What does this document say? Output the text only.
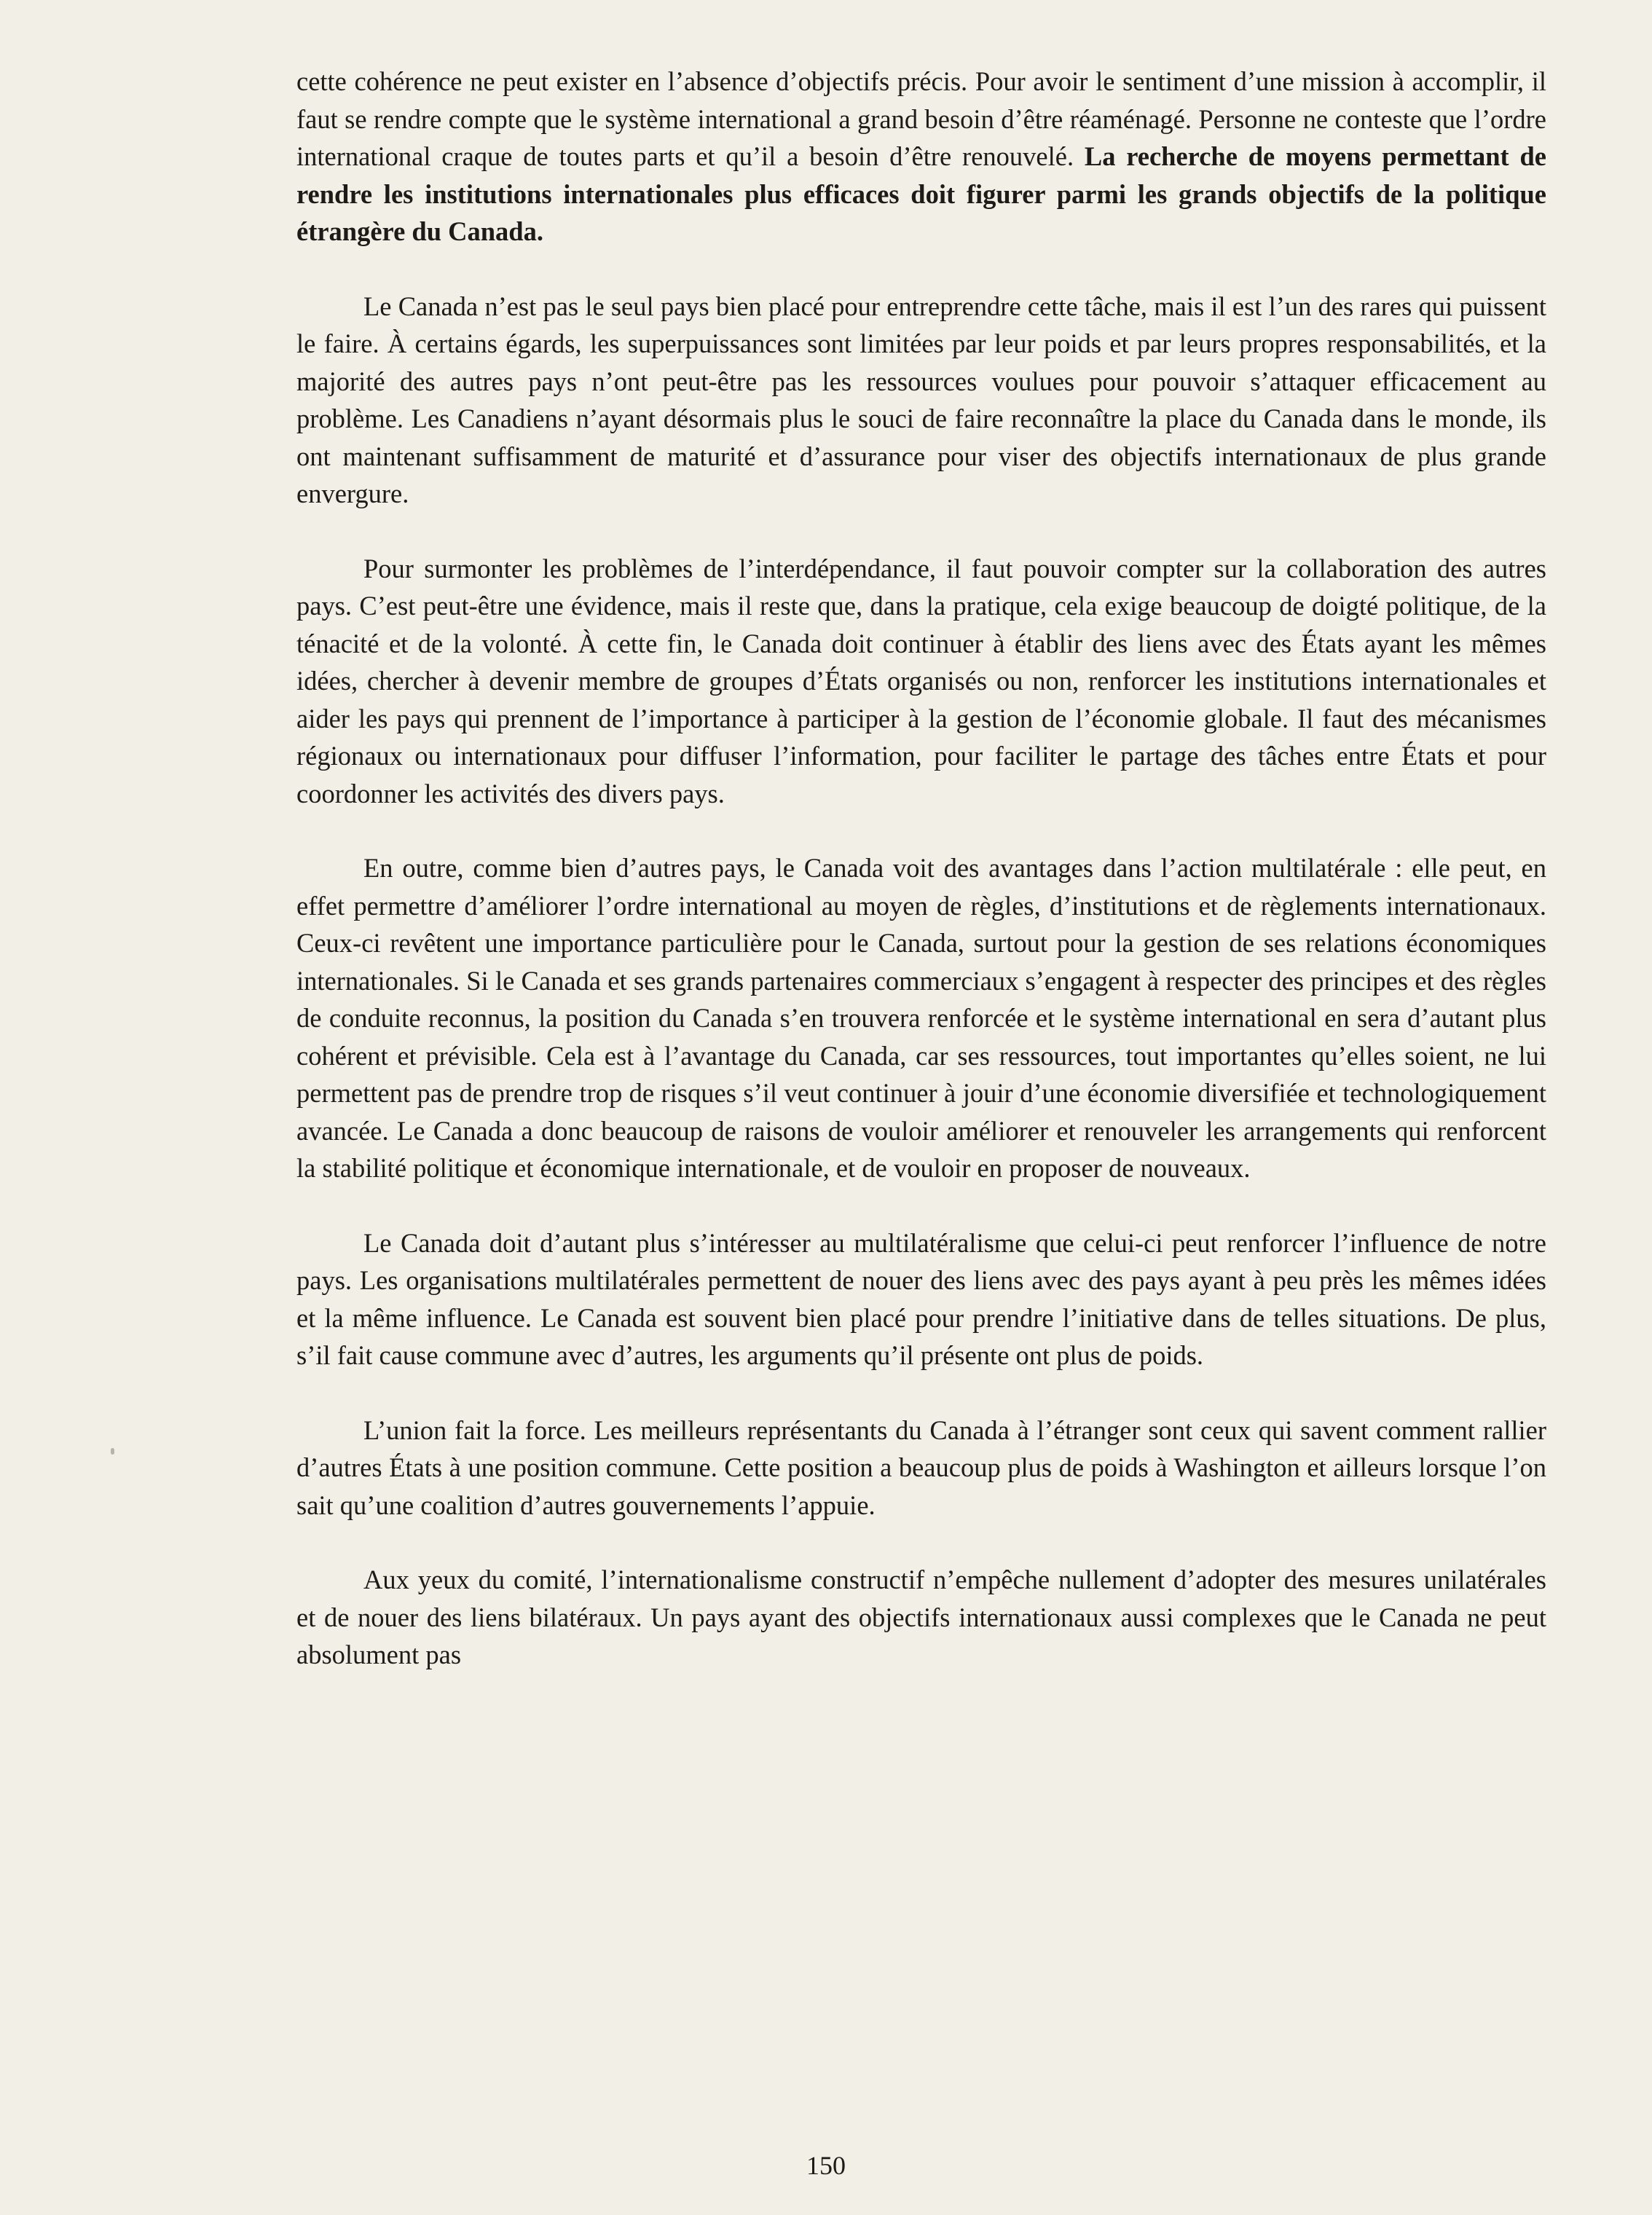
cette cohérence ne peut exister en l’absence d’objectifs précis. Pour avoir le sentiment d’une mission à accomplir, il faut se rendre compte que le système international a grand besoin d’être réaménagé. Personne ne conteste que l’ordre international craque de toutes parts et qu’il a besoin d’être renouvelé. La recherche de moyens permettant de rendre les institutions internationales plus efficaces doit figurer parmi les grands objectifs de la politique étrangère du Canada.

Le Canada n’est pas le seul pays bien placé pour entreprendre cette tâche, mais il est l’un des rares qui puissent le faire. À certains égards, les superpuissances sont limitées par leur poids et par leurs propres responsabilités, et la majorité des autres pays n’ont peut-être pas les ressources voulues pour pouvoir s’attaquer efficacement au problème. Les Canadiens n’ayant désormais plus le souci de faire reconnaître la place du Canada dans le monde, ils ont maintenant suffisamment de maturité et d’assurance pour viser des objectifs internationaux de plus grande envergure.

Pour surmonter les problèmes de l’interdépendance, il faut pouvoir compter sur la collaboration des autres pays. C’est peut-être une évidence, mais il reste que, dans la pratique, cela exige beaucoup de doigté politique, de la ténacité et de la volonté. À cette fin, le Canada doit continuer à établir des liens avec des États ayant les mêmes idées, chercher à devenir membre de groupes d’États organisés ou non, renforcer les institutions internationales et aider les pays qui prennent de l’importance à participer à la gestion de l’économie globale. Il faut des mécanismes régionaux ou internationaux pour diffuser l’information, pour faciliter le partage des tâches entre États et pour coordonner les activités des divers pays.

En outre, comme bien d’autres pays, le Canada voit des avantages dans l’action multilatérale : elle peut, en effet permettre d’améliorer l’ordre international au moyen de règles, d’institutions et de règlements internationaux. Ceux-ci revêtent une importance particulière pour le Canada, surtout pour la gestion de ses relations économiques internationales. Si le Canada et ses grands partenaires commerciaux s’engagent à respecter des principes et des règles de conduite reconnus, la position du Canada s’en trouvera renforcée et le système international en sera d’autant plus cohérent et prévisible. Cela est à l’avantage du Canada, car ses ressources, tout importantes qu’elles soient, ne lui permettent pas de prendre trop de risques s’il veut continuer à jouir d’une économie diversifiée et technologiquement avancée. Le Canada a donc beaucoup de raisons de vouloir améliorer et renouveler les arrangements qui renforcent la stabilité politique et économique internationale, et de vouloir en proposer de nouveaux.

Le Canada doit d’autant plus s’intéresser au multilatéralisme que celui-ci peut renforcer l’influence de notre pays. Les organisations multilatérales permettent de nouer des liens avec des pays ayant à peu près les mêmes idées et la même influence. Le Canada est souvent bien placé pour prendre l’initiative dans de telles situations. De plus, s’il fait cause commune avec d’autres, les arguments qu’il présente ont plus de poids.

L’union fait la force. Les meilleurs représentants du Canada à l’étranger sont ceux qui savent comment rallier d’autres États à une position commune. Cette position a beaucoup plus de poids à Washington et ailleurs lorsque l’on sait qu’une coalition d’autres gouvernements l’appuie.

Aux yeux du comité, l’internationalisme constructif n’empêche nullement d’adopter des mesures unilatérales et de nouer des liens bilatéraux. Un pays ayant des objectifs internationaux aussi complexes que le Canada ne peut absolument pas

150
